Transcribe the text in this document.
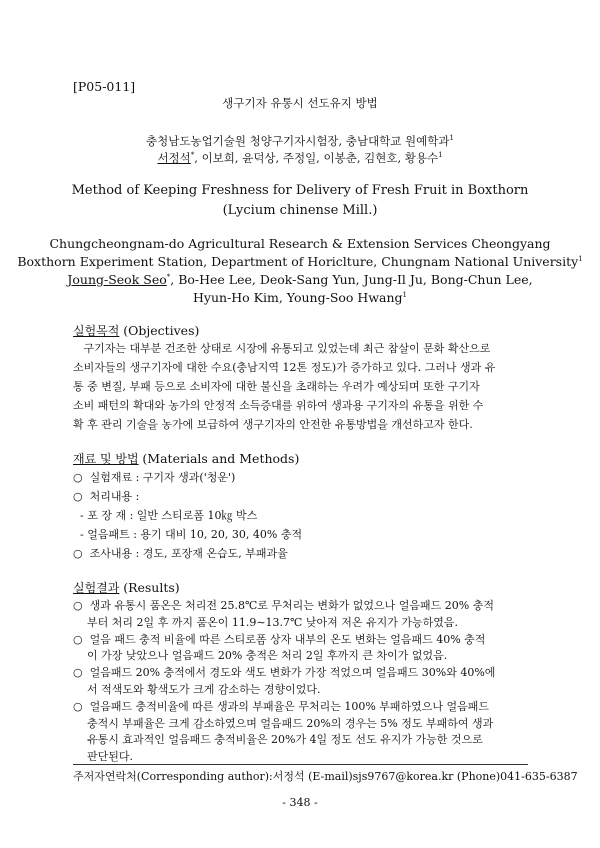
[P05-011]
생구기자 유통시 선도유지 방법
충청남도농업기술원 청양구기자시험장, 충남대학교 원예학과$^1$
서정석*, 이보희, 윤덕상, 주정일, 이봉춘, 김현호, 황용수$^1$
Method of Keeping Freshness for Delivery of Fresh Fruit in Boxthorn
(Lycium chinense Mill.)
Chungcheongnam-do Agricultural Research & Extension Services Cheongyang
Boxthorn Experiment Station, Department of Horiclture, Chungnam National University$^1$
Joung-Seok Seo*, Bo-Hee Lee, Deok-Sang Yun, Jung-Il Ju, Bong-Chun Lee,
Hyun-Ho Kim, Young-Soo Hwang$^1$
실험목적 (Objectives)
구기자는 대부분 건조한 상태로 시장에 유통되고 있었는데 최근 참살이 문화 확산으로
소비자들의 생구기자에 대한 수요(충남지역 12톤 정도)가 증가하고 있다. 그러나 생과 유
통 중 변질, 부패 등으로 소비자에 대한 불신을 초래하는 우려가 예상되며 또한 구기자
소비 패턴의 확대와 농가의 안정적 소득증대를 위하여 생과용 구기자의 유통을 위한 수
확 후 관리 기술을 농가에 보급하여 생구기자의 안전한 유통방법을 개선하고자 한다.
재료 및 방법 (Materials and Methods)
○  실험재료 : 구기자 생과('청운')
○  처리내용 :
- 포 장 재 : 일반 스티로폼 10㎏ 박스
- 얼음패트 : 용기 대비 10, 20, 30, 40% 충적
○  조사내용 : 경도, 포장재 온습도, 부패과율
실험결과 (Results)
○  생과 유통시 품온은 처리전 25.8℃로 무처리는 변화가 없었으나 얼음패드 20% 충적
부터 처리 2일 후 까지 품온이 11.9∼13.7℃ 낮아져 저온 유지가 가능하였음.
○  얼음 패드 충적 비율에 따른 스티로폼 상자 내부의 온도 변화는 얼음패드 40% 충적
이 가장 낮았으나 얼음패드 20% 충적은 처리 2일 후까지 큰 차이가 없었음.
○  얼음패드 20% 충적에서 경도와 색도 변화가 가장 적었으며 얼음패드 30%와 40%에
서 적색도와 황색도가 크게 감소하는 경향이었다.
○  얼음패드 충적비율에 따른 생과의 부패율은 무처리는 100% 부패하였으나 얼음패드
충적시 부패율은 크게 감소하였으며 얼음패드 20%의 경우는 5% 정도 부패하여 생과
유통시 효과적인 얼음패드 충적비율은 20%가 4일 정도 선도 유지가 가능한 것으로
주저자연락처(Corresponding author):서정석 (E-mail)sjs9767@korea.kr (Phone)041-635-6387
- 348 -
판단된다.
